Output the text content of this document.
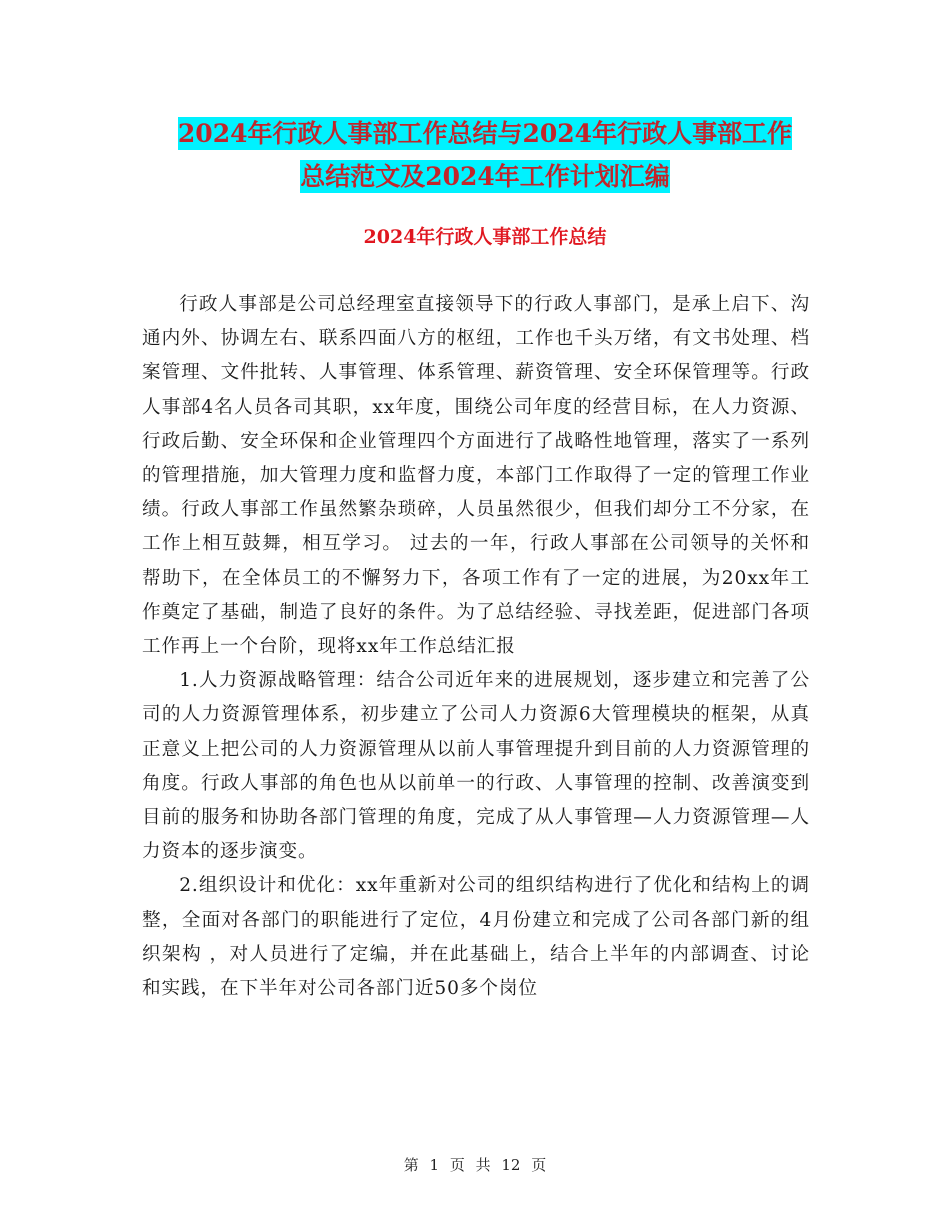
2024年行政人事部工作总结与2024年行政人事部工作
总结范文及2024年工作计划汇编
2024年行政人事部工作总结

行政人事部是公司总经理室直接领导下的行政人事部门，是承上启下、沟通内外、协调左右、联系四面八方的枢纽，工作也千头万绪，有文书处理、档案管理、文件批转、人事管理、体系管理、薪资管理、安全环保管理等。行政人事部4名人员各司其职，xx年度，围绕公司年度的经营目标，在人力资源、行政后勤、安全环保和企业管理四个方面进行了战略性地管理，落实了一系列的管理措施，加大管理力度和监督力度，本部门工作取得了一定的管理工作业绩。行政人事部工作虽然繁杂琐碎，人员虽然很少，但我们却分工不分家，在工作上相互鼓舞，相互学习。 过去的一年，行政人事部在公司领导的关怀和帮助下，在全体员工的不懈努力下，各项工作有了一定的进展，为20xx年工作奠定了基础，制造了良好的条件。为了总结经验、寻找差距，促进部门各项工作再上一个台阶，现将xx年工作总结汇报

1.人力资源战略管理：结合公司近年来的进展规划，逐步建立和完善了公司的人力资源管理体系，初步建立了公司人力资源6大管理模块的框架，从真正意义上把公司的人力资源管理从以前人事管理提升到目前的人力资源管理的角度。行政人事部的角色也从以前单一的行政、人事管理的控制、改善演变到目前的服务和协助各部门管理的角度，完成了从人事管理—人力资源管理—人力资本的逐步演变。

2.组织设计和优化：xx年重新对公司的组织结构进行了优化和结构上的调整，全面对各部门的职能进行了定位，4月份建立和完成了公司各部门新的组织架构 ，对人员进行了定编，并在此基础上，结合上半年的内部调查、讨论和实践，在下半年对公司各部门近50多个岗位

第 1 页 共 12 页
